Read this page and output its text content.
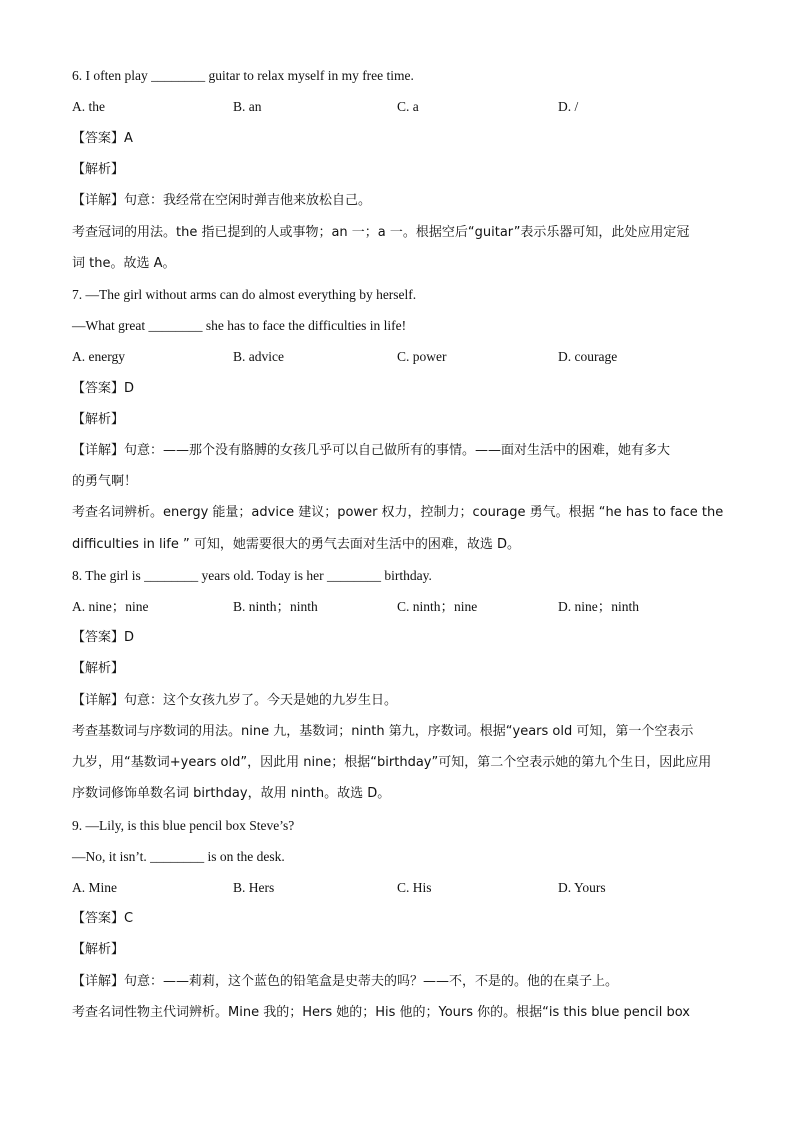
6. I often play ________ guitar to relax myself in my free time.
A. the	B. an	C. a	D. /
【答案】A
【解析】
【详解】句意：我经常在空闲时弹吉他来放松自己。
考查冠词的用法。the 指已提到的人或事物；an 一；a 一。根据空后“guitar”表示乐器可知，此处应用定冠
词 the。故选 A。
7. —The girl without arms can do almost everything by herself.
—What great ________ she has to face the difficulties in life!
A. energy	B. advice	C. power	D. courage
【答案】D
【解析】
【详解】句意：——那个没有胳膊的女孩几乎可以自己做所有的事情。——面对生活中的困难，她有多大
的勇气啊！
考查名词辨析。energy 能量；advice 建议；power 权力，控制力；courage 勇气。根据 “he has to face the
difficulties in life ” 可知，她需要很大的勇气去面对生活中的困难，故选 D。
8. The girl is ________ years old. Today is her ________ birthday.
A. nine；nine	B. ninth；ninth	C. ninth；nine	D. nine；ninth
【答案】D
【解析】
【详解】句意：这个女孩九岁了。今天是她的九岁生日。
考查基数词与序数词的用法。nine 九，基数词；ninth 第九，序数词。根据“years old 可知，第一个空表示
九岁，用“基数词+years old”，因此用 nine；根据“birthday”可知，第二个空表示她的第九个生日，因此应用
序数词修饰单数名词 birthday，故用 ninth。故选 D。
9. —Lily, is this blue pencil box Steve’s?
—No, it isn’t. ________ is on the desk.
A. Mine	B. Hers	C. His	D. Yours
【答案】C
【解析】
【详解】句意：——莉莉，这个蓝色的铅笔盒是史蒂夫的吗？——不，不是的。他的在桌子上。
考查名词性物主代词辨析。Mine 我的；Hers 她的；His 他的；Yours 你的。根据“is this blue pencil box
